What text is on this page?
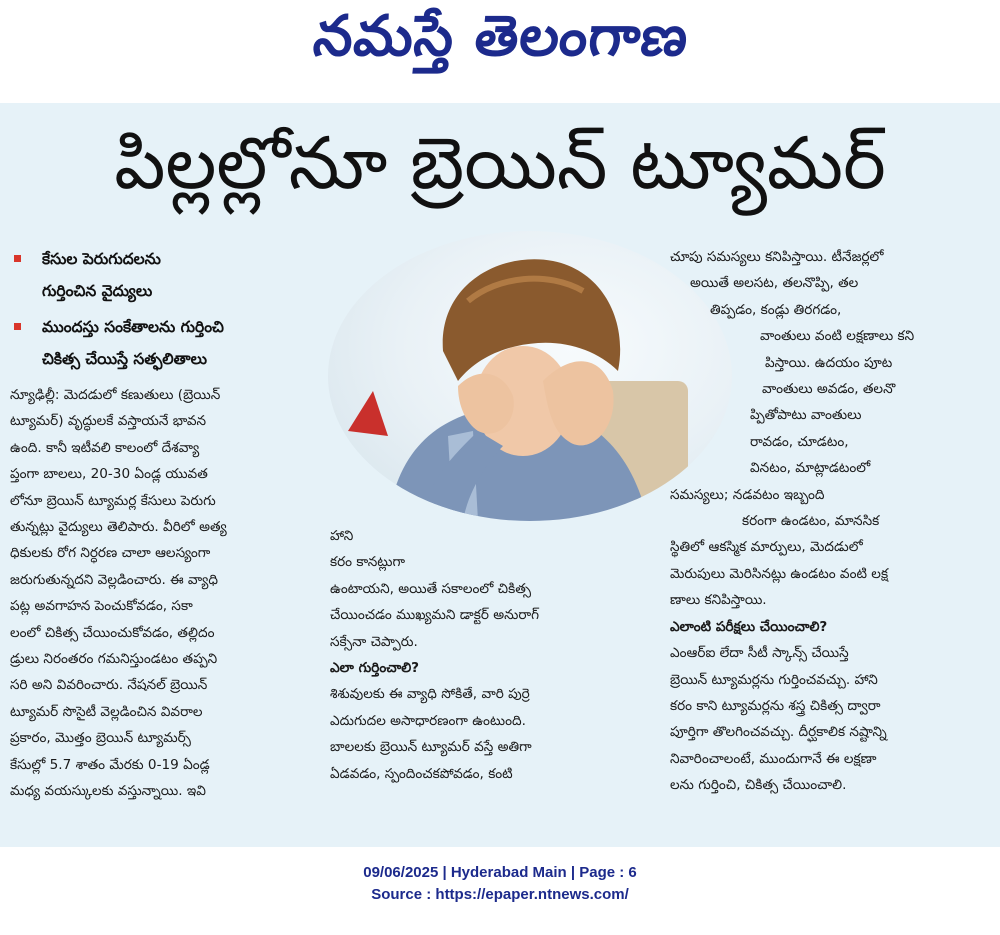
నమస్తే తెలంగాణ
పిల్లల్లోనూ బ్రెయిన్ ట్యూమర్
కేసుల పెరుగుదలను
గుర్తించిన వైద్యులు
ముందస్తు సంకేతాలను గుర్తించి
చికిత్స చేయిస్తే సత్ఫలితాలు

న్యూఢిల్లీ: మెదడులో కణుతులు (బ్రెయిన్

ట్యూమర్) వృద్ధులకే వస్తాయనే భావన

ఉంది. కానీ ఇటీవలి కాలంలో దేశవ్యా

ప్తంగా బాలలు, 20-30 ఏండ్ల యువత

లోనూ బ్రెయిన్ ట్యూమర్ల కేసులు పెరుగు

తున్నట్లు వైద్యులు తెలిపారు. వీరిలో అత్య

ధికులకు రోగ నిర్ధరణ చాలా ఆలస్యంగా

జరుగుతున్నదని వెల్లడించారు. ఈ వ్యాధి

పట్ల అవగాహన పెంచుకోవడం, సకా

లంలో చికిత్స చేయించుకోవడం, తల్లిదం

డ్రులు నిరంతరం గమనిస్తుండటం తప్పని

సరి అని వివరించారు. నేషనల్ బ్రెయిన్

ట్యూమర్ సొసైటీ వెల్లడించిన వివరాల

ప్రకారం, మొత్తం బ్రెయిన్ ట్యూమర్స్

కేసుల్లో 5.7 శాతం మేరకు 0-19 ఏండ్ల

మధ్య వయస్కులకు వస్తున్నాయి. ఇవి

హాని

కరం కానట్లుగా

ఉంటాయని, అయితే సకాలంలో చికిత్స

చేయించడం ముఖ్యమని డాక్టర్ అనురాగ్

సక్సేనా చెప్పారు.

ఎలా గుర్తించాలి?

శిశువులకు ఈ వ్యాధి సోకితే, వారి పుర్రె

ఎదుగుదల అసాధారణంగా ఉంటుంది.

బాలలకు బ్రెయిన్ ట్యూమర్ వస్తే అతిగా

ఏడవడం, స్పందించకపోవడం, కంటి

చూపు సమస్యలు కనిపిస్తాయి. టీనేజర్లలో

అయితే అలసట, తలనొప్పి, తల

తిప్పడం, కండ్లు తిరగడం,

వాంతులు వంటి లక్షణాలు కని

పిస్తాయి. ఉదయం పూట

వాంతులు అవడం, తలనొ

ప్పితోపాటు వాంతులు

రావడం, చూడటం,

వినటం, మాట్లాడటంలో

సమస్యలు; నడవటం ఇబ్బంది

కరంగా ఉండటం, మానసిక

స్థితిలో ఆకస్మిక మార్పులు, మెదడులో

మెరుపులు మెరిసినట్లు ఉండటం వంటి లక్ష

ణాలు కనిపిస్తాయి.

ఎలాంటి పరీక్షలు చేయించాలి?

ఎంఆర్ఐ లేదా సీటీ స్కాన్స్ చేయిస్తే

బ్రెయిన్ ట్యూమర్లను గుర్తించవచ్చు. హాని

కరం కాని ట్యూమర్లను శస్త్ర చికిత్స ద్వారా

పూర్తిగా తొలగించవచ్చు. దీర్ఘకాలిక నష్టాన్ని

నివారించాలంటే, ముందుగానే ఈ లక్షణా

లను గుర్తించి, చికిత్స చేయించాలి.

09/06/2025 | Hyderabad Main | Page : 6
Source : https://epaper.ntnews.com/
